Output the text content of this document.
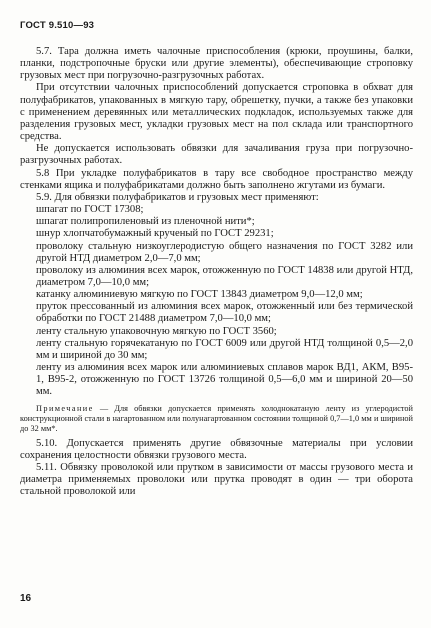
ГОСТ 9.510—93

5.7. Тара должна иметь чалочные приспособления (крюки, проушины, балки, планки, подстропочные бруски или другие элементы), обеспечивающие строповку грузовых мест при погрузочно-разгрузочных работах.

При отсутствии чалочных приспособлений допускается строповка в обхват для полуфабрикатов, упакованных в мягкую тару, обрешетку, пучки, а также без упаковки с применением деревянных или металлических подкладок, используемых также для разделения грузовых мест, укладки грузовых мест на пол склада или транспортного средства.

Не допускается использовать обвязки для зачаливания груза при погрузочно-разгрузочных работах.

5.8 При укладке полуфабрикатов в тару все свободное пространство между стенками ящика и полуфабрикатами должно быть заполнено жгутами из бумаги.

5.9. Для обвязки полуфабрикатов и грузовых мест применяют:

шпагат по ГОСТ 17308;

шпагат полипропиленовый из пленочной нити*;

шнур хлопчатобумажный крученый по ГОСТ 29231;

проволоку стальную низкоуглеродистую общего назначения по ГОСТ 3282 или другой НТД диаметром 2,0—7,0 мм;

проволоку из алюминия всех марок, отожженную по ГОСТ 14838 или другой НТД, диаметром 7,0—10,0 мм;

катанку алюминиевую мягкую по ГОСТ 13843 диаметром 9,0—12,0 мм;

пруток прессованный из алюминия всех марок, отожженный или без термической обработки по ГОСТ 21488 диаметром 7,0—10,0 мм;

ленту стальную упаковочную мягкую по ГОСТ 3560;

ленту стальную горячекатаную по ГОСТ 6009 или другой НТД толщиной 0,5—2,0 мм и шириной до 30 мм;

ленту из алюминия всех марок или алюминиевых сплавов марок ВД1, АКМ, В95-1, В95-2, отожженную по ГОСТ 13726 толщиной 0,5—6,0 мм и шириной 20—50 мм.

Примечание — Для обвязки допускается применять холоднокатаную ленту из углеродистой конструкционной стали в нагартованном или полунагартованном состоянии толщиной 0,7—1,0 мм и шириной до 32 мм*.

5.10. Допускается применять другие обвязочные материалы при условии сохранения целостности обвязки грузового места.

5.11. Обвязку проволокой или прутком в зависимости от массы грузового места и диаметра применяемых проволоки или прутка проводят в один — три оборота стальной проволокой или

16
